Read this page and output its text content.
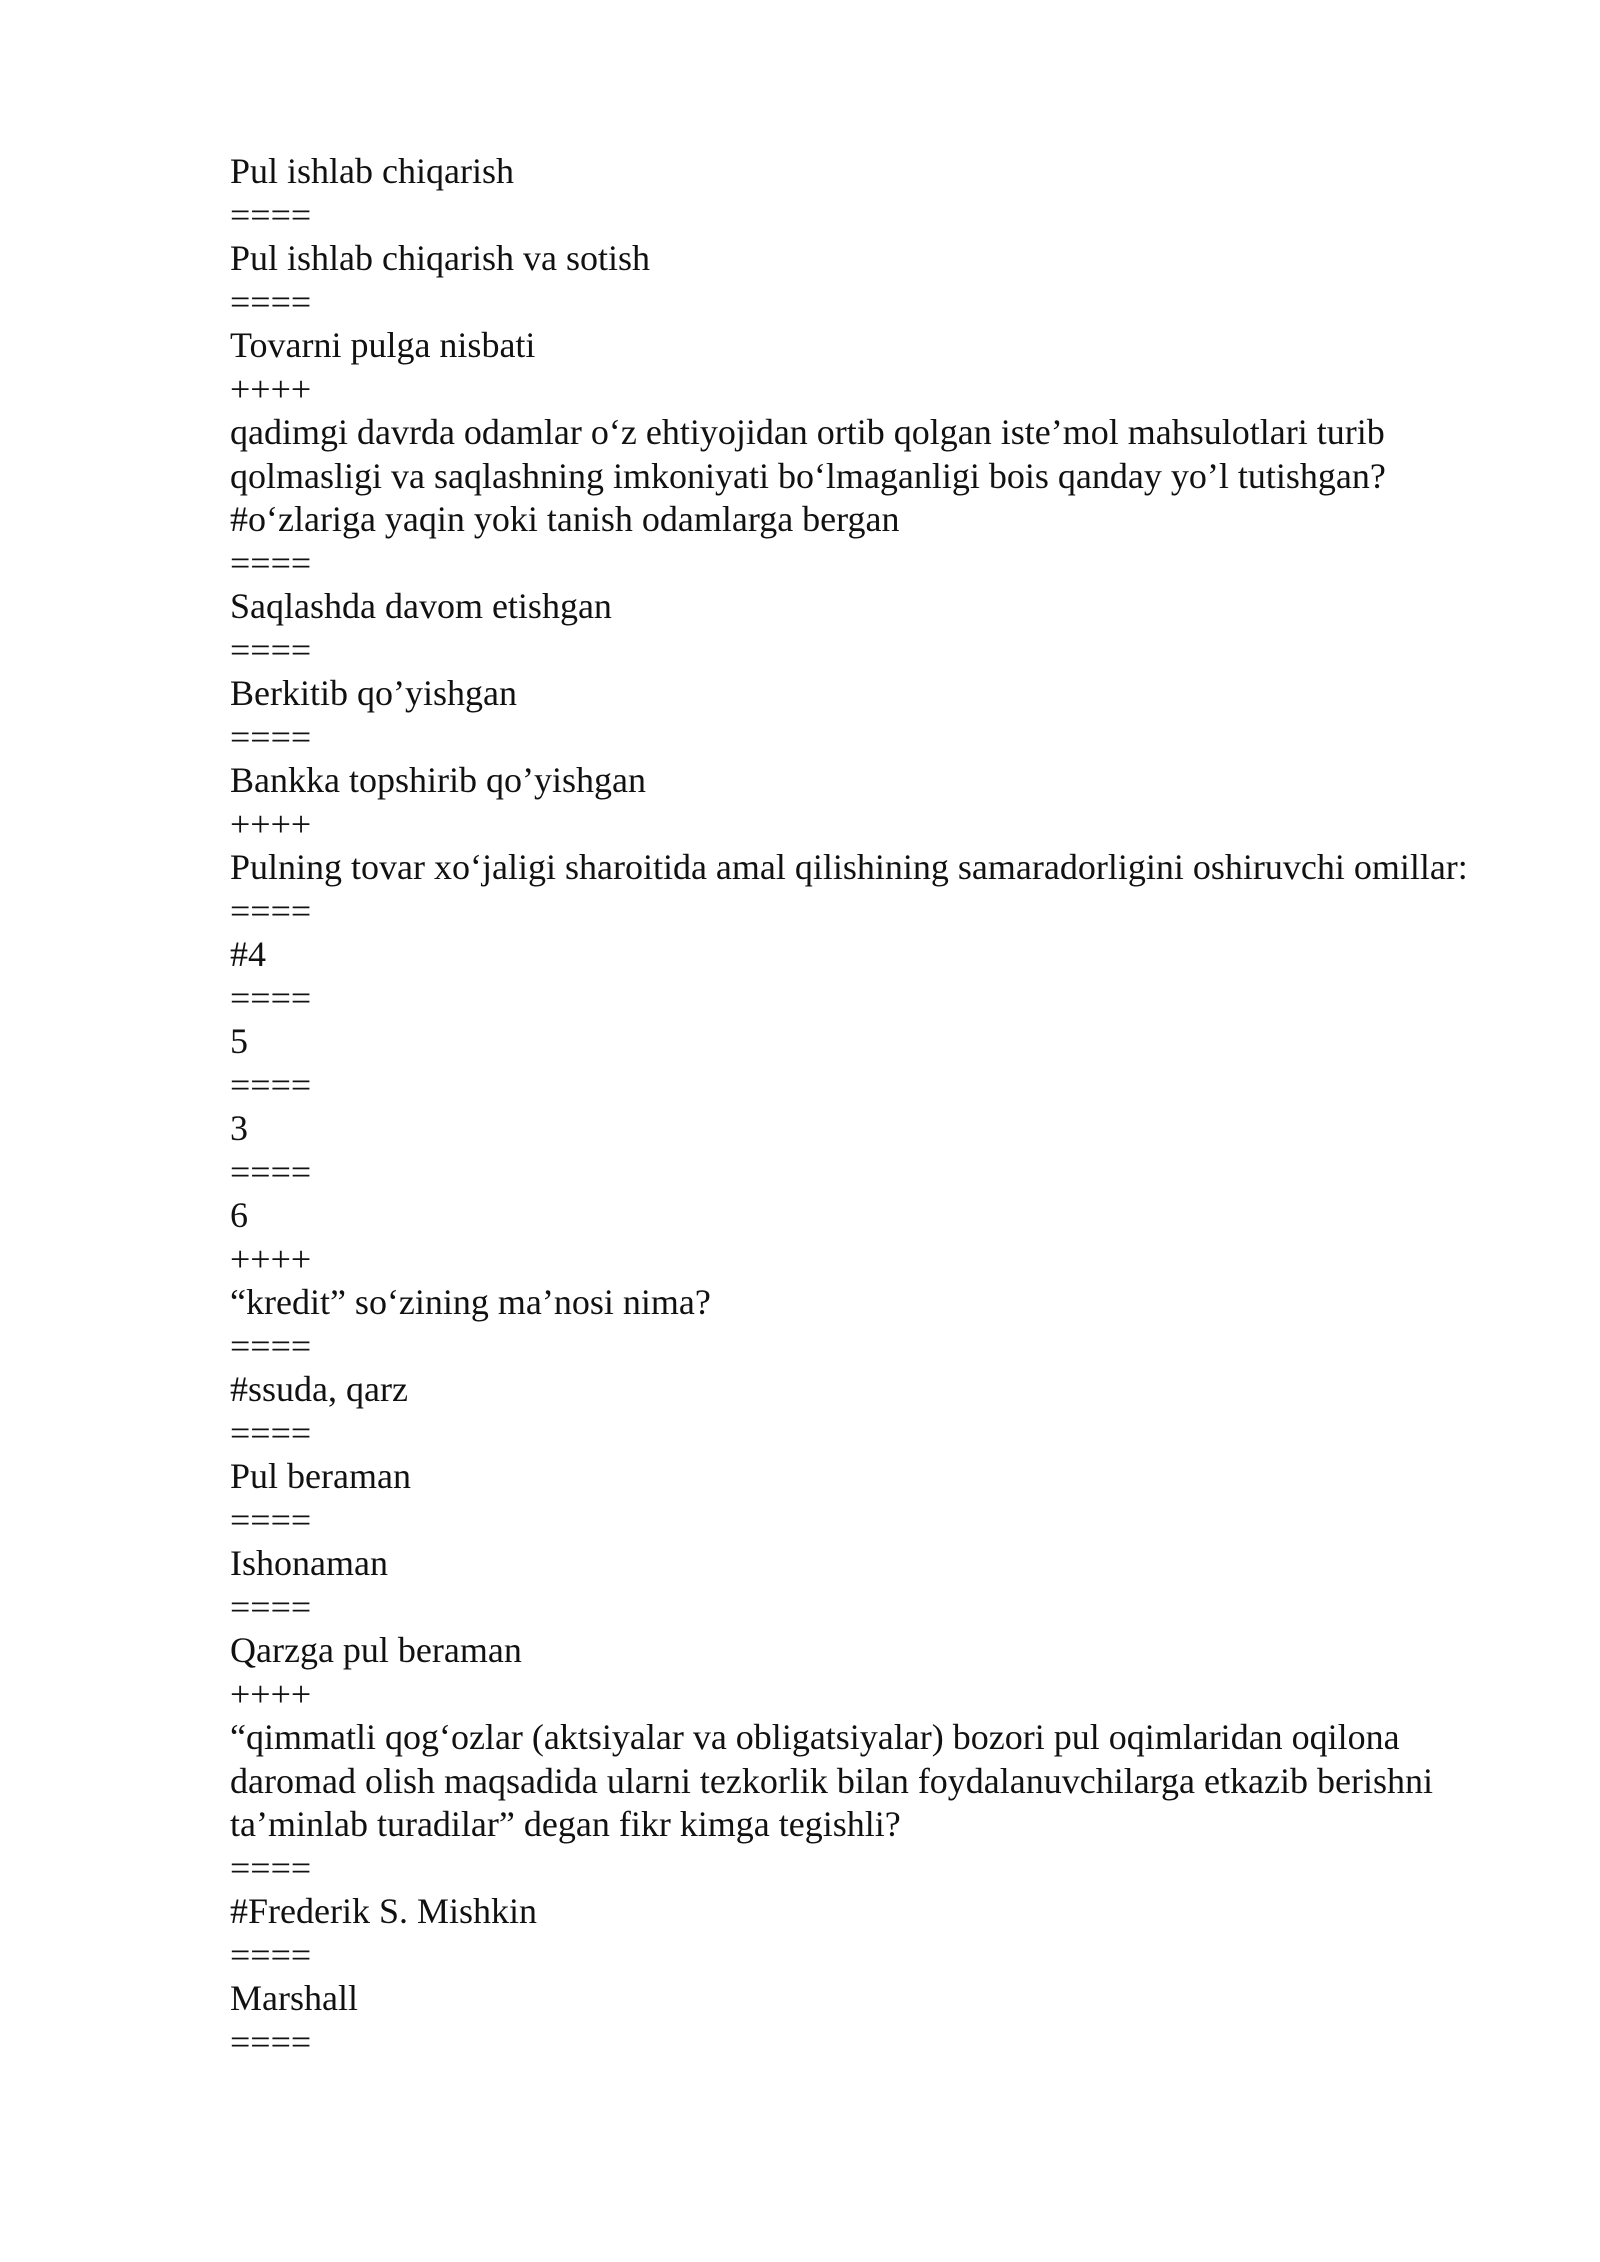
Pul ishlab chiqarish
====
Pul ishlab chiqarish va sotish
====
Tovarni pulga nisbati
++++
qadimgi davrda odamlar o‘z ehtiyojidan ortib qolgan iste’mol mahsulotlari turib qolmasligi va saqlashning imkoniyati bo‘lmaganligi bois qanday yo’l tutishgan?
#o‘zlariga yaqin yoki tanish odamlarga bergan
====
Saqlashda davom etishgan
====
Berkitib qo’yishgan
====
Bankka topshirib qo’yishgan
++++
Pulning tovar xo‘jaligi sharoitida amal qilishining samaradorligini oshiruvchi omillar:
====
#4
====
5
====
3
====
6
++++
“kredit” so‘zining ma’nosi nima?
====
#ssuda, qarz
====
Pul beraman
====
Ishonaman
====
Qarzga pul beraman
++++
“qimmatli qog‘ozlar (aktsiyalar va obligatsiyalar) bozori pul oqimlaridan oqilona daromad olish maqsadida ularni tezkorlik bilan foydalanuvchilarga etkazib berishni ta’minlab turadilar” degan fikr kimga tegishli?
====
#Frederik S. Mishkin
====
Marshall
====
